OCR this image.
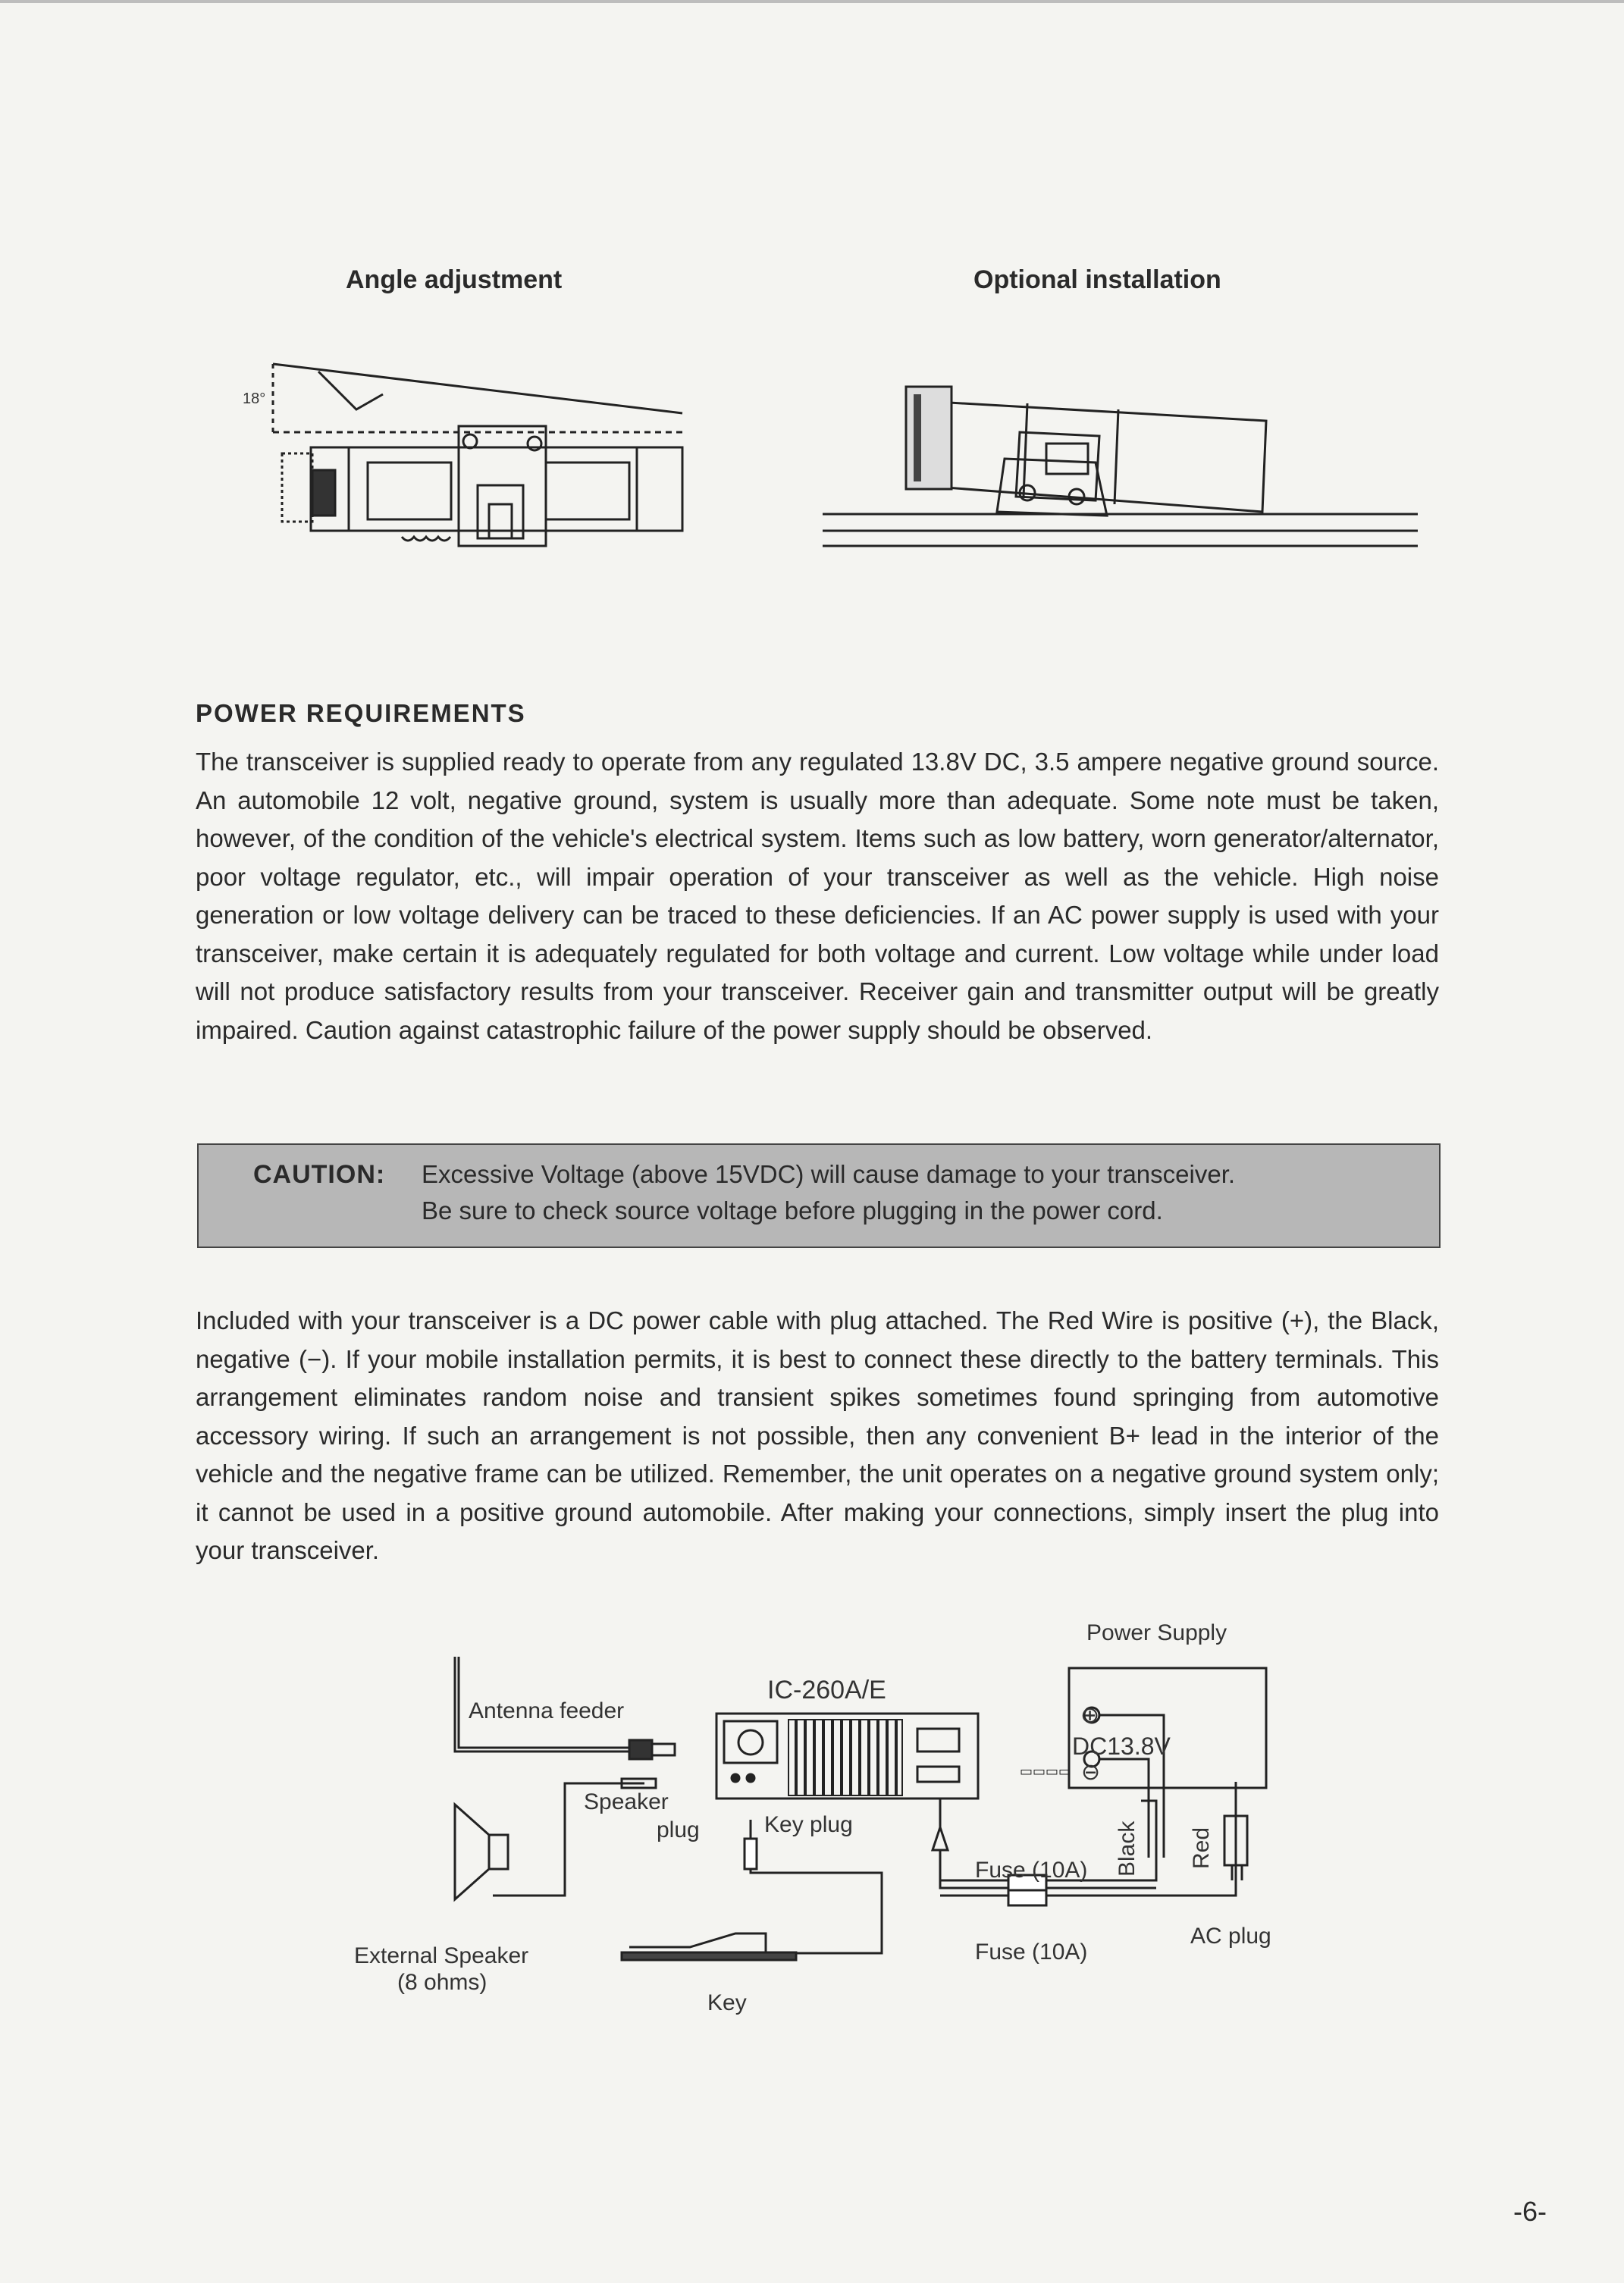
Angle adjustment	Optional installation
18°
POWER REQUIREMENTS

The transceiver is supplied ready to operate from any regulated 13.8V DC, 3.5 ampere negative ground source. An automobile 12 volt, negative ground, system is usually more than adequate. Some note must be taken, however, of the condition of the vehicle's electrical system. Items such as low battery, worn generator/alternator, poor voltage regulator, etc., will impair operation of your transceiver as well as the vehicle. High noise generation or low voltage delivery can be traced to these deficiencies. If an AC power supply is used with your transceiver, make certain it is adequately regulated for both voltage and current. Low voltage while under load will not produce satisfactory results from your transceiver. Receiver gain and transmitter output will be greatly impaired. Caution against catastrophic failure of the power supply should be observed.

CAUTION: Excessive Voltage (above 15VDC) will cause damage to your transceiver.
Be sure to check source voltage before plugging in the power cord.

Included with your transceiver is a DC power cable with plug attached. The Red Wire is positive (+), the Black, negative (−). If your mobile installation permits, it is best to connect these directly to the battery terminals. This arrangement eliminates random noise and transient spikes sometimes found springing from automotive accessory wiring. If such an arrangement is not possible, then any convenient B+ lead in the interior of the vehicle and the negative frame can be utilized. Remember, the unit operates on a negative ground system only; it cannot be used in a positive ground automobile. After making your connections, simply insert the plug into your transceiver.

▭▭▭▭
Power Supply
IC-260A/E
Antenna feeder
Speaker
plug	Key plug
⊕
DC13.8V
⊖
Fuse (10A)
Fuse (10A)
Black Red
AC plug
External Speaker
(8 ohms)
Key
-6-
